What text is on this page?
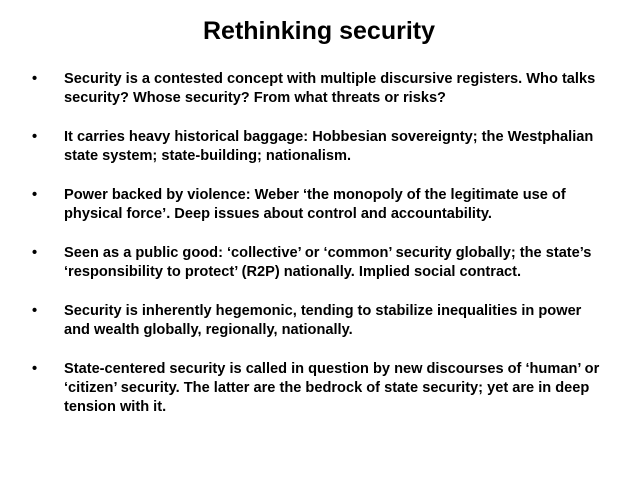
Rethinking security
•	Security is a contested concept with multiple discursive registers. Who talks security? Whose security? From what threats or risks?
•	It carries heavy historical baggage: Hobbesian sovereignty; the Westphalian state system; state-building; nationalism.
•	Power backed by violence: Weber ‘the monopoly of the legitimate use of physical force’. Deep issues about control and accountability.
•	Seen as a public good: ‘collective’ or ‘common’ security globally; the state’s ‘responsibility to protect’ (R2P) nationally. Implied social contract.
•	Security is inherently hegemonic, tending to stabilize inequalities in power and wealth globally, regionally, nationally.
•	State-centered security is called in question by new discourses of ‘human’ or ‘citizen’ security. The latter are the bedrock of state security; yet are in deep tension with it.
